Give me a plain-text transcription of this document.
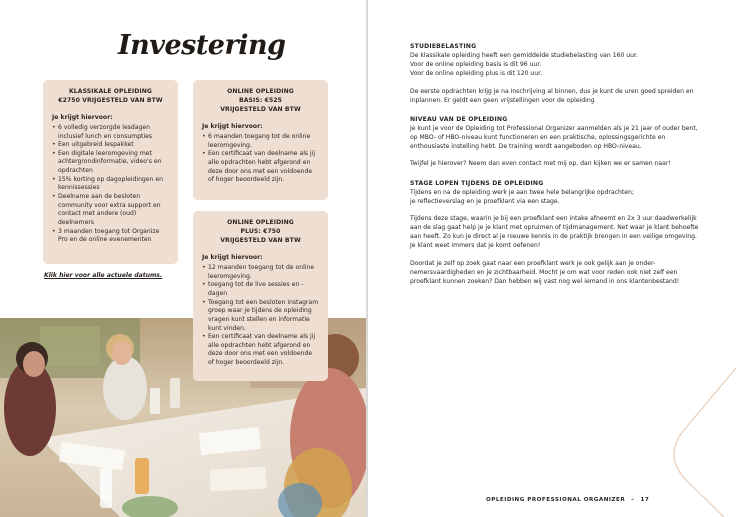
Investering
KLASSIKALE OPLEIDING
€2750 VRIJGESTELD VAN BTW
Je krijgt hiervoor:
• 6 volledig verzorgde lesdagen inclusief lunch en consumpties
• Een uitgebreid lespakket
• Een digitale leeromgeving met achtergrondinformatie, video's en opdrachten
• 15% korting op dagopleidingen en kennissessies
• Deelname aan de besloten community voor extra support en contact met andere (oud) deelnemers
• 3 maanden toegang tot Organize Pro en de online evenementen
ONLINE OPLEIDING
BASIS: €525
VRIJGESTELD VAN BTW
Je krijgt hiervoor:
• 6 maanden toegang tot de online leeromgeving.
• Een certificaat van deelname als jij alle opdrachten hebt afgerond en deze door ons met een voldoende of hoger beoordeeld zijn.
ONLINE OPLEIDING
PLUS: €750
VRIJGESTELD VAN BTW
Je krijgt hiervoor:
• 12 maanden toegang tot de online leeromgeving.
• toegang tot de live sessies en -dagen
• Toegang tot een besloten instagram groep waar je tijdens de opleiding vragen kunt stellen en informatie kunt vinden.
• Een certificaat van deelname als jij alle opdrachten hebt afgerond en deze door ons met een voldoende of hoger beoordeeld zijn.
Klik hier voor alle actuele datums.
STUDIEBELASTING

De klassikale opleiding heeft een gemiddelde studiebelasting van 160 uur.
Voor de online opleiding basis is dit 96 uur.
Voor de online opleiding plus is dit 120 uur.

De eerste opdrachten krijg je na inschrijving al binnen, dus je kunt de uren goed spreiden en inplannen. Er geldt een geen vrijstellingen voor de opleiding

NIVEAU VAN DE OPLEIDING

Je kunt je voor de Opleiding tot Professional Organizer aanmelden als je 21 jaar of ouder bent, op MBO- of HBO-niveau kunt functioneren en een praktische, oplossingsgerichte en enthousiaste instelling hebt. De training wordt aangeboden op HBO-niveau.

Twijfel je hierover? Neem dan even contact met mij op, dan kijken we er samen naar!

STAGE LOPEN TIJDENS DE OPLEIDING

Tijdens en na de opleiding werk je aan twee hele belangrijke opdrachten;
je reflectieverslag en je proefklant via een stage.

Tijdens deze stage, waarin je bij een proefklant een intake afneemt en 2x 3 uur daadwerkelijk aan de slag gaat help je je klant met opruimen of tijdmanagement. Net waar je klant behoefte aan heeft. Zo kun je direct al je nieuwe kennis in de praktijk brengen in een veilige omgeving. Je klant weet immers dat je komt oefenen!

Doordat je zelf op zoek gaat naar een proefklant werk je ook gelijk aan je onder-nemersvaardigheden en je zichtbaarheid. Mocht je om wat voor reden ook niet zelf een proefklant kunnen zoeken? Dan hebben wij vast nog wel iemand in ons klantenbestand!

OPLEIDING PROFESSIONAL ORGANIZER – 17
